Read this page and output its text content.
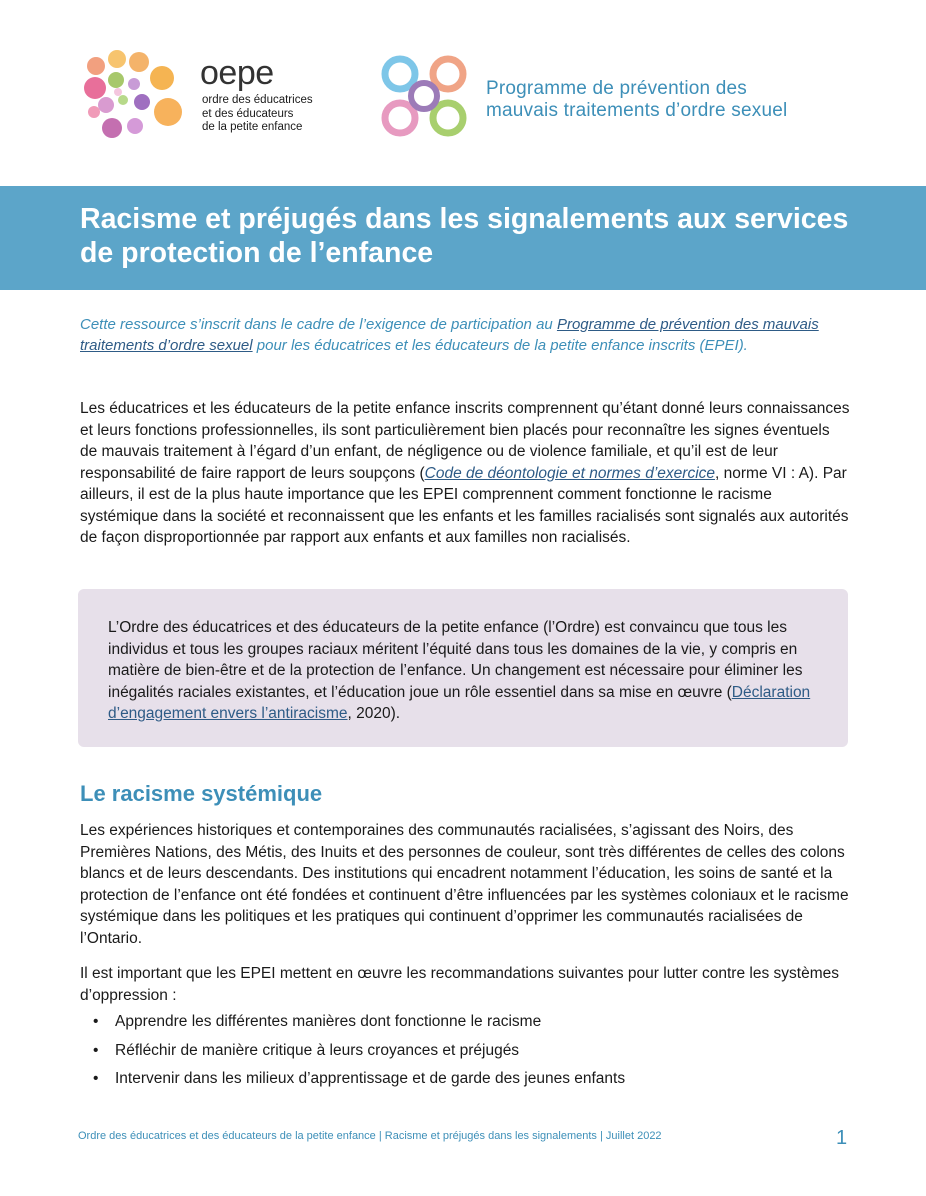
oepe
ordre des éducatrices
et des éducateurs
de la petite enfance
Programme de prévention des
mauvais traitements d’ordre sexuel
Racisme et préjugés dans les signalements aux services de protection de l’enfance

Cette ressource s’inscrit dans le cadre de l’exigence de participation au Programme de prévention des mauvais traitements d’ordre sexuel pour les éducatrices et les éducateurs de la petite enfance inscrits (EPEI).

Les éducatrices et les éducateurs de la petite enfance inscrits comprennent qu’étant donné leurs connaissances et leurs fonctions professionnelles, ils sont particulièrement bien placés pour reconnaître les signes éventuels de mauvais traitement à l’égard d’un enfant, de négligence ou de violence familiale, et qu’il est de leur responsabilité de faire rapport de leurs soupçons (Code de déontologie et normes d’exercice, norme VI : A). Par ailleurs, il est de la plus haute importance que les EPEI comprennent comment fonctionne le racisme systémique dans la société et reconnaissent que les enfants et les familles racialisés sont signalés aux autorités de façon disproportionnée par rapport aux enfants et aux familles non racialisés.

L’Ordre des éducatrices et des éducateurs de la petite enfance (l’Ordre) est convaincu que tous les individus et tous les groupes raciaux méritent l’équité dans tous les domaines de la vie, y compris en matière de bien-être et de la protection de l’enfance. Un changement est nécessaire pour éliminer les inégalités raciales existantes, et l’éducation joue un rôle essentiel dans sa mise en œuvre (Déclaration d’engagement envers l’antiracisme, 2020).

Le racisme systémique

Les expériences historiques et contemporaines des communautés racialisées, s’agissant des Noirs, des Premières Nations, des Métis, des Inuits et des personnes de couleur, sont très différentes de celles des colons blancs et de leurs descendants. Des institutions qui encadrent notamment l’éducation, les soins de santé et la protection de l’enfance ont été fondées et continuent d’être influencées par les systèmes coloniaux et le racisme systémique dans les politiques et les pratiques qui continuent d’opprimer les communautés racialisées de l’Ontario.

Il est important que les EPEI mettent en œuvre les recommandations suivantes pour lutter contre les systèmes d’oppression :

• Apprendre les différentes manières dont fonctionne le racisme
• Réfléchir de manière critique à leurs croyances et préjugés
• Intervenir dans les milieux d’apprentissage et de garde des jeunes enfants
Ordre des éducatrices et des éducateurs de la petite enfance | Racisme et préjugés dans les signalements | Juillet 2022	1
